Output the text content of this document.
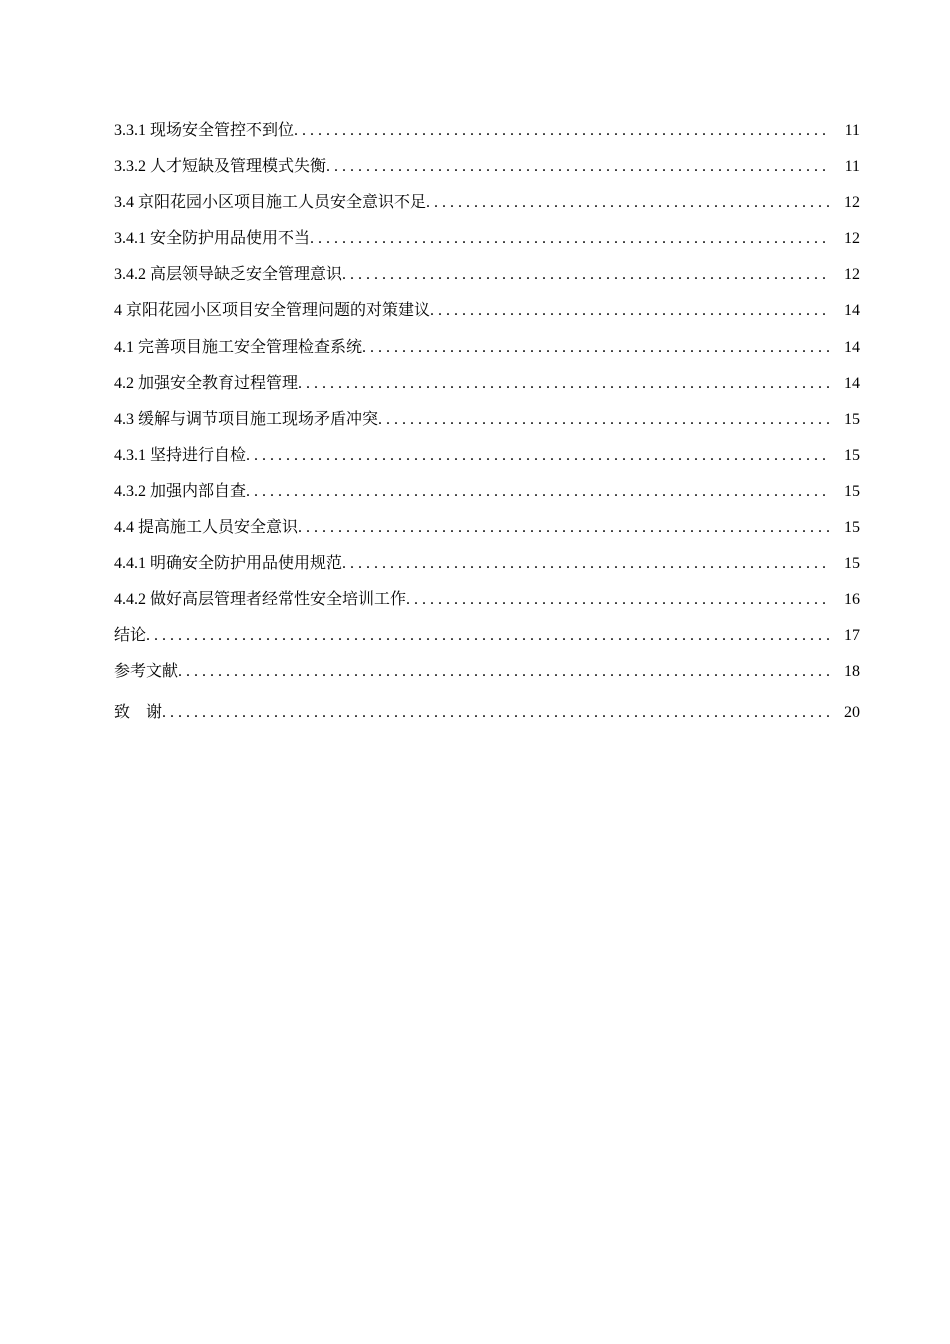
3.3.1 现场安全管控不到位 . . .	11
3.3.2 人才短缺及管理模式失衡 . . .	11
3.4 京阳花园小区项目施工人员安全意识不足 . . .	12
3.4.1 安全防护用品使用不当 . . .	12
3.4.2 高层领导缺乏安全管理意识 . . .	12
4 京阳花园小区项目安全管理问题的对策建议 . . .	14
4.1 完善项目施工安全管理检查系统 . . .	14
4.2 加强安全教育过程管理 . . .	14
4.3 缓解与调节项目施工现场矛盾冲突 . . .	15
4.3.1 坚持进行自检 . . .	15
4.3.2 加强内部自查 . . .	15
4.4 提高施工人员安全意识 . . .	15
4.4.1 明确安全防护用品使用规范 . . .	15
4.4.2 做好高层管理者经常性安全培训工作 . . .	16
结论 . . .	17
参考文献 . . .	18
致    谢 . . .	20
